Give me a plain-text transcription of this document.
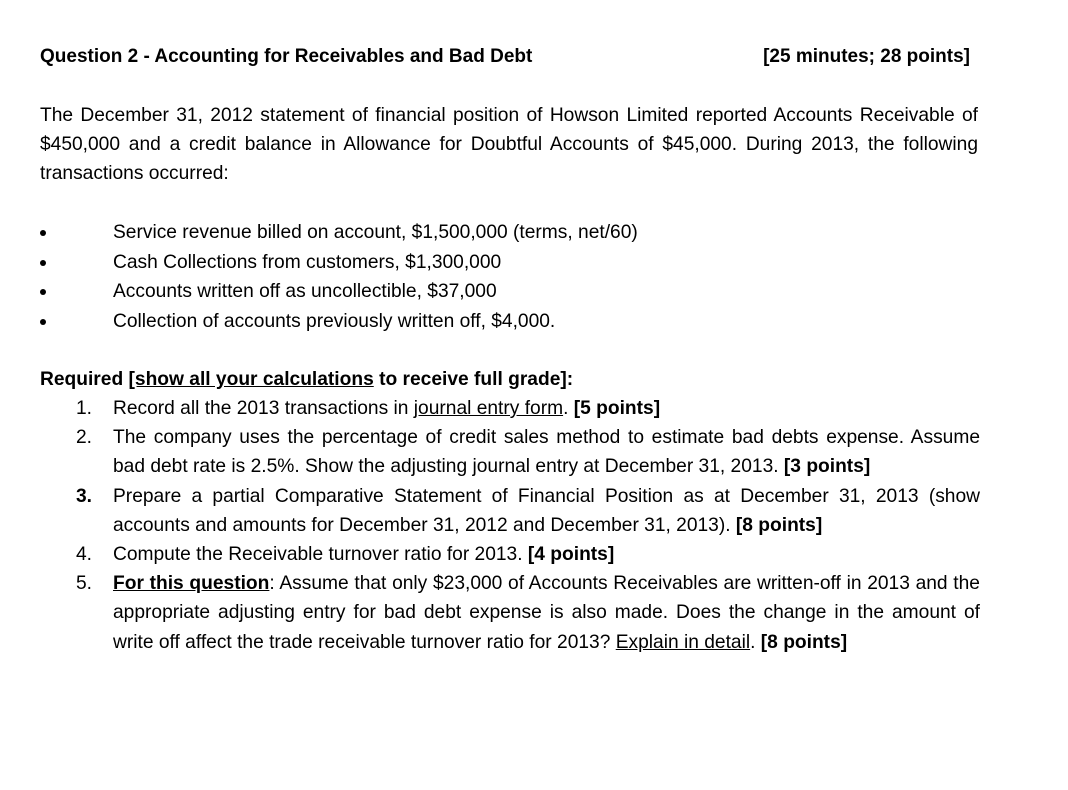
Question 2 - Accounting for Receivables and Bad Debt	[25 minutes; 28 points]
The December 31, 2012 statement of financial position of Howson Limited reported Accounts Receivable of $450,000 and a credit balance in Allowance for Doubtful Accounts of $45,000. During 2013, the following transactions occurred:
Service revenue billed on account, $1,500,000 (terms, net/60)
Cash Collections from customers, $1,300,000
Accounts written off as uncollectible, $37,000
Collection of accounts previously written off, $4,000.
Required [show all your calculations to receive full grade]:
1. Record all the 2013 transactions in journal entry form. [5 points]
2. The company uses the percentage of credit sales method to estimate bad debts expense. Assume bad debt rate is 2.5%. Show the adjusting journal entry at December 31, 2013. [3 points]
3. Prepare a partial Comparative Statement of Financial Position as at December 31, 2013 (show accounts and amounts for December 31, 2012 and December 31, 2013). [8 points]
4. Compute the Receivable turnover ratio for 2013. [4 points]
5. For this question: Assume that only $23,000 of Accounts Receivables are written-off in 2013 and the appropriate adjusting entry for bad debt expense is also made. Does the change in the amount of write off affect the trade receivable turnover ratio for 2013? Explain in detail. [8 points]
